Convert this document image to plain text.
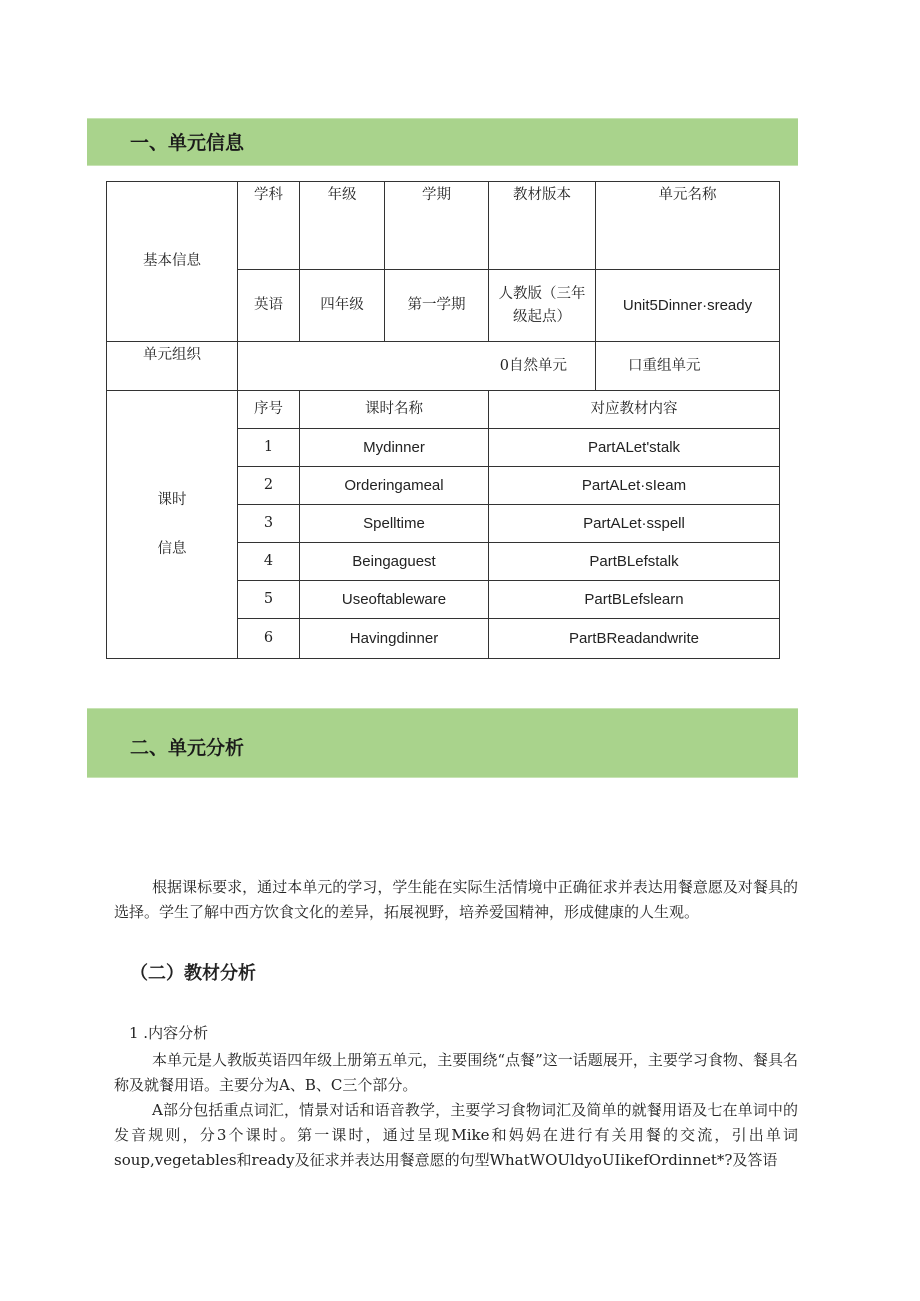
一、单元信息
基本信息	学科	年级	学期	教材版本	单元名称
	英语	四年级	第一学期	人教版（三年级起点）	Unit5Dinner·sready
单元组织	0自然单元				口重组单元

课时
信息	序号	课时名称		对应教材内容	
	1	Mydinner		PartALet'stalk	
	2	Orderingameal		PartALet·sIeam	
	3	Spelltime		PartALet·sspell	
	4	Beingaguest		PartBLefstalk	
	5	Useoftableware		PartBLefslearn	
	6	Havingdinner		PartBReadandwrite	
二、单元分析

根据课标要求，通过本单元的学习，学生能在实际生活情境中正确征求并表达用餐意愿及对餐具的选择。学生了解中西方饮食文化的差异，拓展视野，培养爱国精神，形成健康的人生观。

（二）教材分析

1 .内容分析

本单元是人教版英语四年级上册第五单元，主要围绕“点餐”这一话题展开，主要学习食物、餐具名称及就餐用语。主要分为A、B、C三个部分。

A部分包括重点词汇，情景对话和语音教学，主要学习食物词汇及简单的就餐用语及七在单词中的发音规则，分3个课时。第一课时，通过呈现Mike和妈妈在进行有关用餐的交流，引出单词soup,vegetables和ready及征求并表达用餐意愿的句型WhatWOUldyoUIikefOrdinnet*?及答语
